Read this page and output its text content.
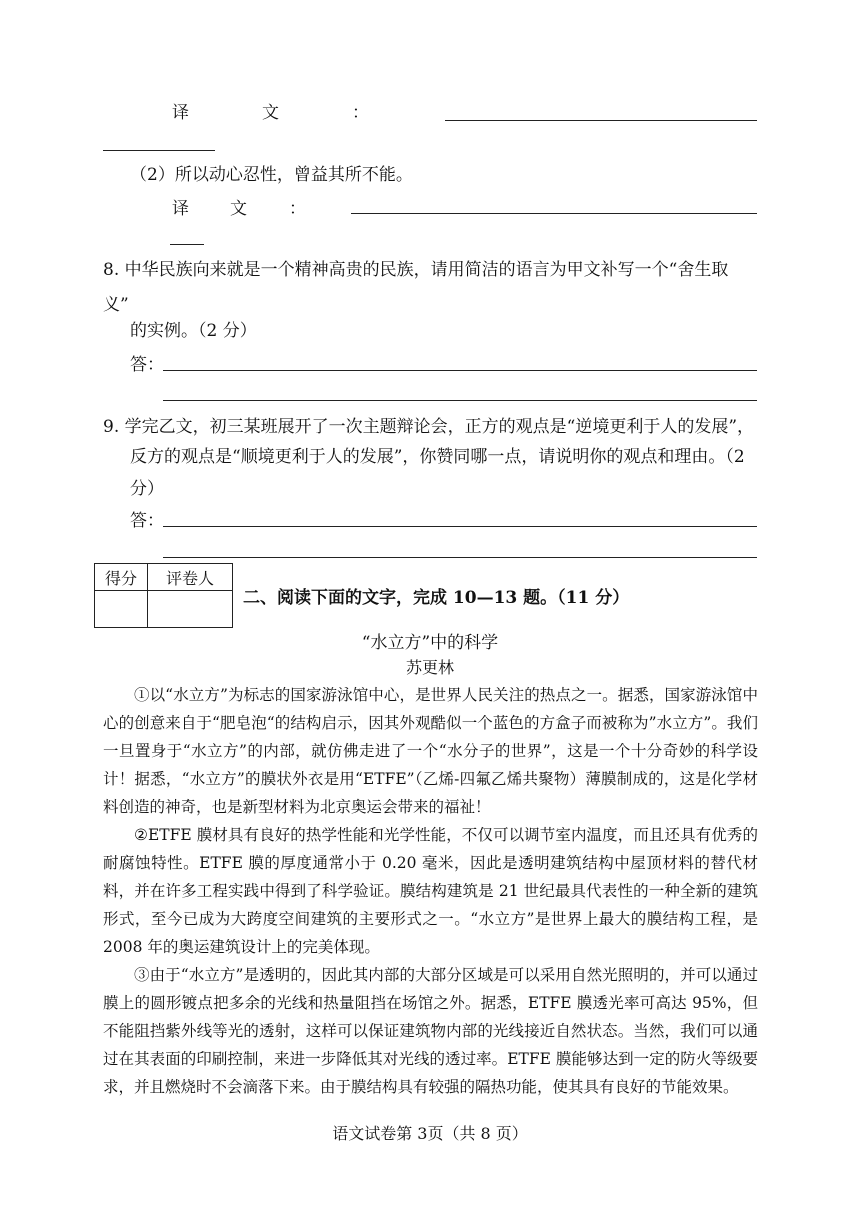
译	文	：
（2）所以动心忍性，曾益其所不能。
译 文 ：
8. 中华民族向来就是一个精神高贵的民族，请用简洁的语言为甲文补写一个“舍生取
义”
的实例。（2 分）
答：
9. 学完乙文，初三某班展开了一次主题辩论会，正方的观点是“逆境更利于人的发展”，
反方的观点是“顺境更利于人的发展”，你赞同哪一点，请说明你的观点和理由。（2
分）
答：
得分	评卷人

二、阅读下面的文字，完成 10—13 题。（11 分）
“水立方”中的科学
苏更林

①以“水立方”为标志的国家游泳馆中心，是世界人民关注的热点之一。据悉，国家游泳馆中心的创意来自于“肥皂泡“的结构启示，因其外观酷似一个蓝色的方盒子而被称为”水立方”。我们一旦置身于“水立方”的内部，就仿佛走进了一个“水分子的世界”，这是一个十分奇妙的科学设计！据悉，“水立方”的膜状外衣是用“ETFE”（乙烯-四氟乙烯共聚物）薄膜制成的，这是化学材料创造的神奇，也是新型材料为北京奥运会带来的福祉！

②ETFE 膜材具有良好的热学性能和光学性能，不仅可以调节室内温度，而且还具有优秀的耐腐蚀特性。ETFE 膜的厚度通常小于 0.20 毫米，因此是透明建筑结构中屋顶材料的替代材料，并在许多工程实践中得到了科学验证。膜结构建筑是 21 世纪最具代表性的一种全新的建筑形式，至今已成为大跨度空间建筑的主要形式之一。“水立方”是世界上最大的膜结构工程，是 2008 年的奥运建筑设计上的完美体现。

③由于“水立方”是透明的，因此其内部的大部分区域是可以采用自然光照明的，并可以通过膜上的圆形镀点把多余的光线和热量阻挡在场馆之外。据悉，ETFE 膜透光率可高达 95%，但不能阻挡紫外线等光的透射，这样可以保证建筑物内部的光线接近自然状态。当然，我们可以通过在其表面的印刷控制，来进一步降低其对光线的透过率。ETFE 膜能够达到一定的防火等级要求，并且燃烧时不会滴落下来。由于膜结构具有较强的隔热功能，使其具有良好的节能效果。

语文试卷第 3页（共 8 页）
